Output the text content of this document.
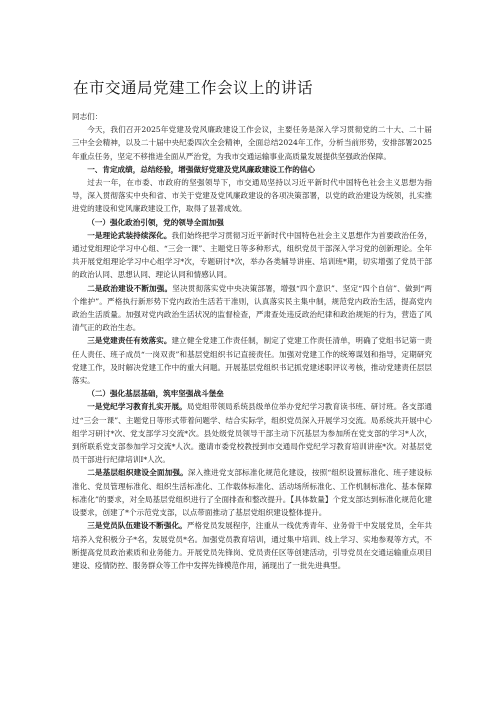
在市交通局党建工作会议上的讲话

同志们：

今天，我们召开2025年党建及党风廉政建设工作会议，主要任务是深入学习贯彻党的二十大、二十届三中全会精神，以及二十届中央纪委四次全会精神，全面总结2024年工作，分析当前形势，安排部署2025年重点任务，坚定不移推进全面从严治党，为我市交通运输事业高质量发展提供坚强政治保障。

一、肯定成绩，总结经验，增强做好党建及党风廉政建设工作的信心

过去一年，在市委、市政府的坚强领导下，市交通局坚持以习近平新时代中国特色社会主义思想为指导，深入贯彻落实中央和省、市关于党建及党风廉政建设的各项决策部署，以党的政治建设为统领，扎实推进党的建设和党风廉政建设工作，取得了显著成效。

（一）强化政治引领，党的领导全面加强

一是理论武装持续深化。我们始终把学习贯彻习近平新时代中国特色社会主义思想作为首要政治任务，通过党组理论学习中心组、“三会一课”、主题党日等多种形式，组织党员干部深入学习党的创新理论。全年共开展党组理论学习中心组学习*次，专题研讨*次，举办各类辅导讲座、培训班*期，切实增强了党员干部的政治认同、思想认同、理论认同和情感认同。

二是政治建设不断加强。坚决贯彻落实党中央决策部署，增强“四个意识”、坚定“四个自信”、做到“两个维护”。严格执行新形势下党内政治生活若干准则，认真落实民主集中制，规范党内政治生活，提高党内政治生活质量。加强对党内政治生活状况的监督检查，严肃查处违反政治纪律和政治规矩的行为，营造了风清气正的政治生态。

三是党建责任有效落实。建立健全党建工作责任制，制定了党建工作责任清单，明确了党组书记第一责任人责任、班子成员“一岗双责”和基层党组织书记直接责任。加强对党建工作的统筹谋划和指导，定期研究党建工作，及时解决党建工作中的重大问题。开展基层党组织书记抓党建述职评议考核，推动党建责任层层落实。

（二）强化基层基础，筑牢坚强战斗堡垒

一是党纪学习教育扎实开展。局党组带领局系统县级单位举办党纪学习教育读书班、研讨班。各支部通过“三会一课”、主题党日等形式带着问题学、结合实际学，组织党员深入开展学习交流。局系统共开展中心组学习研讨*次、党支部学习交流*次。县处级党员领导干部主动下沉基层为参加所在党支部的学习*人次，到所联系党支部参加学习交流*人次。邀请市委党校教授到市交通局作党纪学习教育培训讲座*次。对基层党员干部进行纪律培训I*人次。

二是基层组织建设全面加强。深入推进党支部标准化规范化建设，按照“组织设置标准化、班子建设标准化、党员管理标准化、组织生活标准化、工作载体标准化、活动场所标准化、工作机制标准化、基本保障标准化”的要求，对全局基层党组织进行了全面排查和整改提升。【具体数量】个党支部达到标准化规范化建设要求，创建了*个示范党支部，以点带面推动了基层党组织建设整体提升。

三是党员队伍建设不断强化。严格党员发展程序，注重从一线优秀青年、业务骨干中发展党员，全年共培养入党积极分子*名，发展党员*名。加强党员教育培训，通过集中培训、线上学习、实地参观等方式，不断提高党员政治素质和业务能力。开展党员先锋岗、党员责任区等创建活动，引导党员在交通运输重点项目建设、疫情防控、服务群众等工作中发挥先锋模范作用，涌现出了一批先进典型。
